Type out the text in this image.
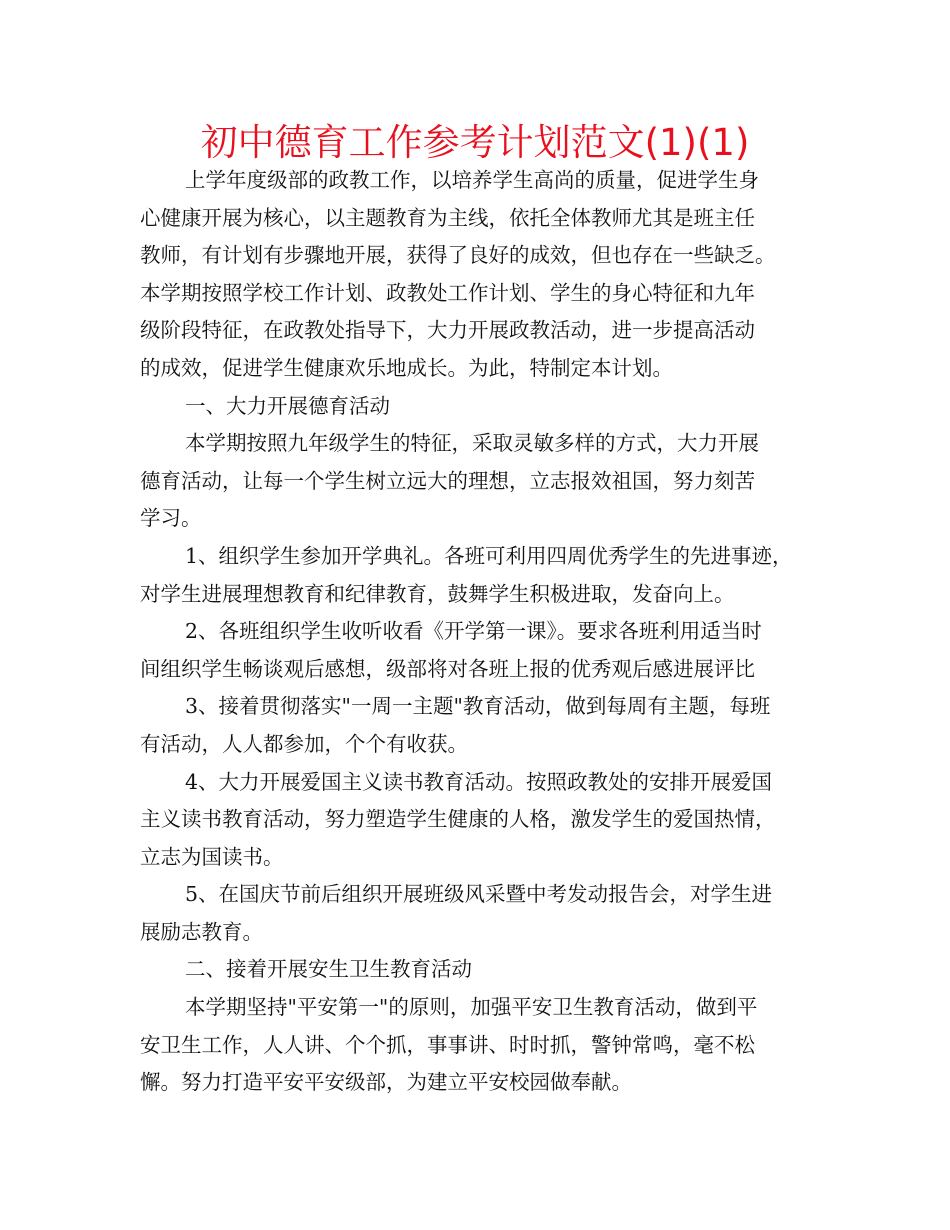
初中德育工作参考计划范文(1)(1)
上学年度级部的政教工作，以培养学生高尚的质量，促进学生身
心健康开展为核心，以主题教育为主线，依托全体教师尤其是班主任
教师，有计划有步骤地开展，获得了良好的成效，但也存在一些缺乏。
本学期按照学校工作计划、政教处工作计划、学生的身心特征和九年
级阶段特征，在政教处指导下，大力开展政教活动，进一步提高活动
的成效，促进学生健康欢乐地成长。为此，特制定本计划。
一、大力开展德育活动
本学期按照九年级学生的特征，采取灵敏多样的方式，大力开展
德育活动，让每一个学生树立远大的理想，立志报效祖国，努力刻苦
学习。
1、组织学生参加开学典礼。各班可利用四周优秀学生的先进事迹，
对学生进展理想教育和纪律教育，鼓舞学生积极进取，发奋向上。
2、各班组织学生收听收看《开学第一课》。要求各班利用适当时
间组织学生畅谈观后感想，级部将对各班上报的优秀观后感进展评比
3、接着贯彻落实"一周一主题"教育活动，做到每周有主题，每班
有活动，人人都参加，个个有收获。
4、大力开展爱国主义读书教育活动。按照政教处的安排开展爱国
主义读书教育活动，努力塑造学生健康的人格，激发学生的爱国热情，
立志为国读书。
5、在国庆节前后组织开展班级风采暨中考发动报告会，对学生进
展励志教育。
二、接着开展安生卫生教育活动
本学期坚持"平安第一"的原则，加强平安卫生教育活动，做到平
安卫生工作，人人讲、个个抓，事事讲、时时抓，警钟常鸣，毫不松
懈。努力打造平安平安级部，为建立平安校园做奉献。
